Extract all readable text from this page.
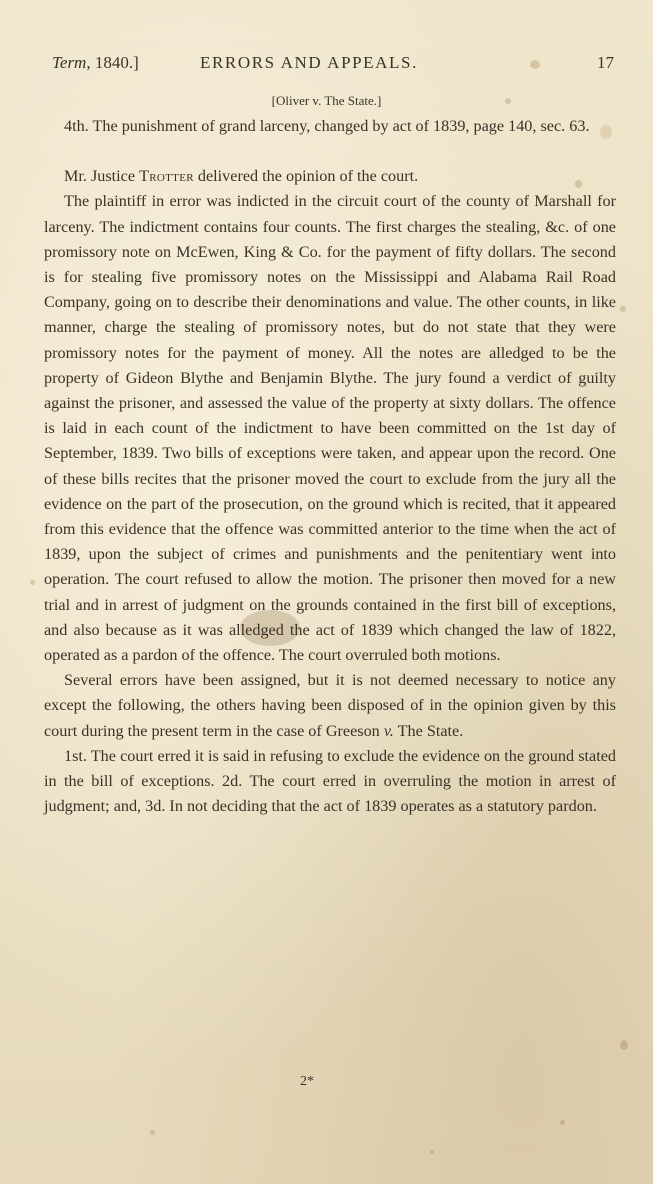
Term, 1840.]	ERRORS AND APPEALS.	17
[Oliver v. The State.]

4th. The punishment of grand larceny, changed by act of 1839, page 140, sec. 63.

Mr. Justice Trotter delivered the opinion of the court.

The plaintiff in error was indicted in the circuit court of the county of Marshall for larceny. The indictment contains four counts. The first charges the stealing, &c. of one promissory note on McEwen, King & Co. for the payment of fifty dollars. The second is for stealing five promissory notes on the Mississippi and Alabama Rail Road Company, going on to describe their denominations and value. The other counts, in like manner, charge the stealing of promissory notes, but do not state that they were promissory notes for the payment of money. All the notes are alledged to be the property of Gideon Blythe and Benjamin Blythe. The jury found a verdict of guilty against the prisoner, and assessed the value of the property at sixty dollars. The offence is laid in each count of the indictment to have been committed on the 1st day of September, 1839. Two bills of exceptions were taken, and appear upon the record. One of these bills recites that the prisoner moved the court to exclude from the jury all the evidence on the part of the prosecution, on the ground which is recited, that it appeared from this evidence that the offence was committed anterior to the time when the act of 1839, upon the subject of crimes and punishments and the penitentiary went into operation. The court refused to allow the motion. The prisoner then moved for a new trial and in arrest of judgment on the grounds contained in the first bill of exceptions, and also because as it was alledged the act of 1839 which changed the law of 1822, operated as a pardon of the offence. The court overruled both motions.

Several errors have been assigned, but it is not deemed necessary to notice any except the following, the others having been disposed of in the opinion given by this court during the present term in the case of Greeson v. The State.

1st. The court erred it is said in refusing to exclude the evidence on the ground stated in the bill of exceptions. 2d. The court erred in overruling the motion in arrest of judgment; and, 3d. In not deciding that the act of 1839 operates as a statutory pardon.

2*
